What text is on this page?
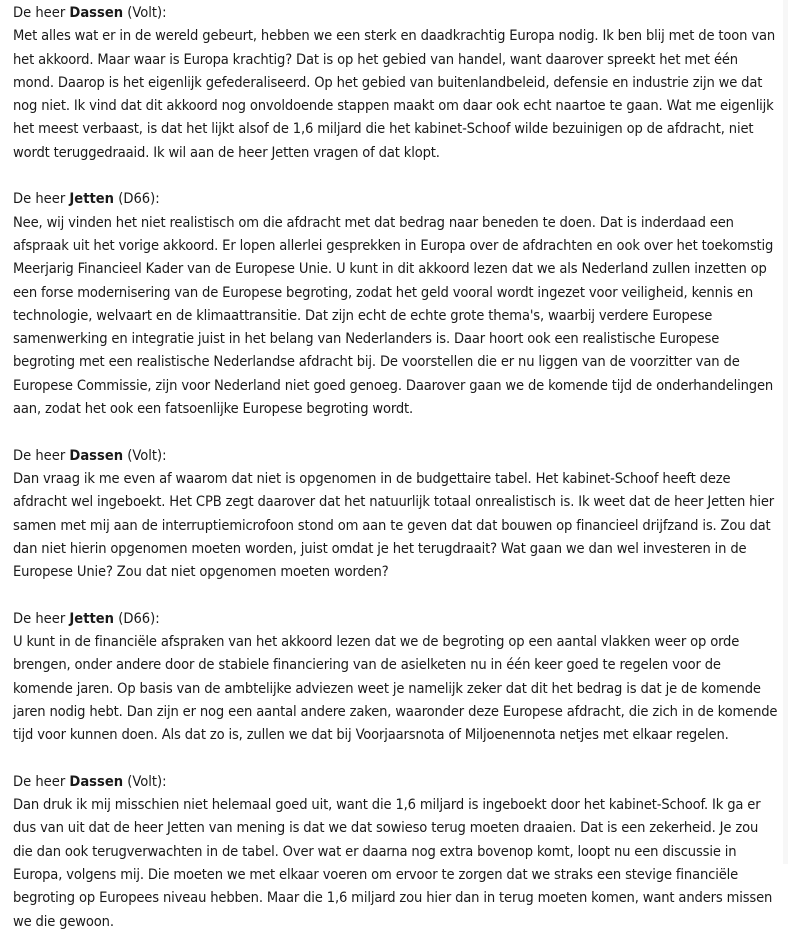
De heer Dassen (Volt):

Met alles wat er in de wereld gebeurt, hebben we een sterk en daadkrachtig Europa nodig. Ik ben blij met de toon van het akkoord. Maar waar is Europa krachtig? Dat is op het gebied van handel, want daarover spreekt het met één mond. Daarop is het eigenlijk gefederaliseerd. Op het gebied van buitenlandbeleid, defensie en industrie zijn we dat nog niet. Ik vind dat dit akkoord nog onvoldoende stappen maakt om daar ook echt naartoe te gaan. Wat me eigenlijk het meest verbaast, is dat het lijkt alsof de 1,6 miljard die het kabinet-Schoof wilde bezuinigen op de afdracht, niet wordt teruggedraaid. Ik wil aan de heer Jetten vragen of dat klopt.

De heer Jetten (D66):

Nee, wij vinden het niet realistisch om die afdracht met dat bedrag naar beneden te doen. Dat is inderdaad een afspraak uit het vorige akkoord. Er lopen allerlei gesprekken in Europa over de afdrachten en ook over het toekomstig Meerjarig Financieel Kader van de Europese Unie. U kunt in dit akkoord lezen dat we als Nederland zullen inzetten op een forse modernisering van de Europese begroting, zodat het geld vooral wordt ingezet voor veiligheid, kennis en technologie, welvaart en de klimaattransitie. Dat zijn echt de echte grote thema's, waarbij verdere Europese samenwerking en integratie juist in het belang van Nederlanders is. Daar hoort ook een realistische Europese begroting met een realistische Nederlandse afdracht bij. De voorstellen die er nu liggen van de voorzitter van de Europese Commissie, zijn voor Nederland niet goed genoeg. Daarover gaan we de komende tijd de onderhandelingen aan, zodat het ook een fatsoenlijke Europese begroting wordt.

De heer Dassen (Volt):

Dan vraag ik me even af waarom dat niet is opgenomen in de budgettaire tabel. Het kabinet-Schoof heeft deze afdracht wel ingeboekt. Het CPB zegt daarover dat het natuurlijk totaal onrealistisch is. Ik weet dat de heer Jetten hier samen met mij aan de interruptiemicrofoon stond om aan te geven dat dat bouwen op financieel drijfzand is. Zou dat dan niet hierin opgenomen moeten worden, juist omdat je het terugdraait? Wat gaan we dan wel investeren in de Europese Unie? Zou dat niet opgenomen moeten worden?

De heer Jetten (D66):

U kunt in de financiële afspraken van het akkoord lezen dat we de begroting op een aantal vlakken weer op orde brengen, onder andere door de stabiele financiering van de asielketen nu in één keer goed te regelen voor de komende jaren. Op basis van de ambtelijke adviezen weet je namelijk zeker dat dit het bedrag is dat je de komende jaren nodig hebt. Dan zijn er nog een aantal andere zaken, waaronder deze Europese afdracht, die zich in de komende tijd voor kunnen doen. Als dat zo is, zullen we dat bij Voorjaarsnota of Miljoenennota netjes met elkaar regelen.

De heer Dassen (Volt):

Dan druk ik mij misschien niet helemaal goed uit, want die 1,6 miljard is ingeboekt door het kabinet-Schoof. Ik ga er dus van uit dat de heer Jetten van mening is dat we dat sowieso terug moeten draaien. Dat is een zekerheid. Je zou die dan ook terugverwachten in de tabel. Over wat er daarna nog extra bovenop komt, loopt nu een discussie in Europa, volgens mij. Die moeten we met elkaar voeren om ervoor te zorgen dat we straks een stevige financiële begroting op Europees niveau hebben. Maar die 1,6 miljard zou hier dan in terug moeten komen, want anders missen we die gewoon.
